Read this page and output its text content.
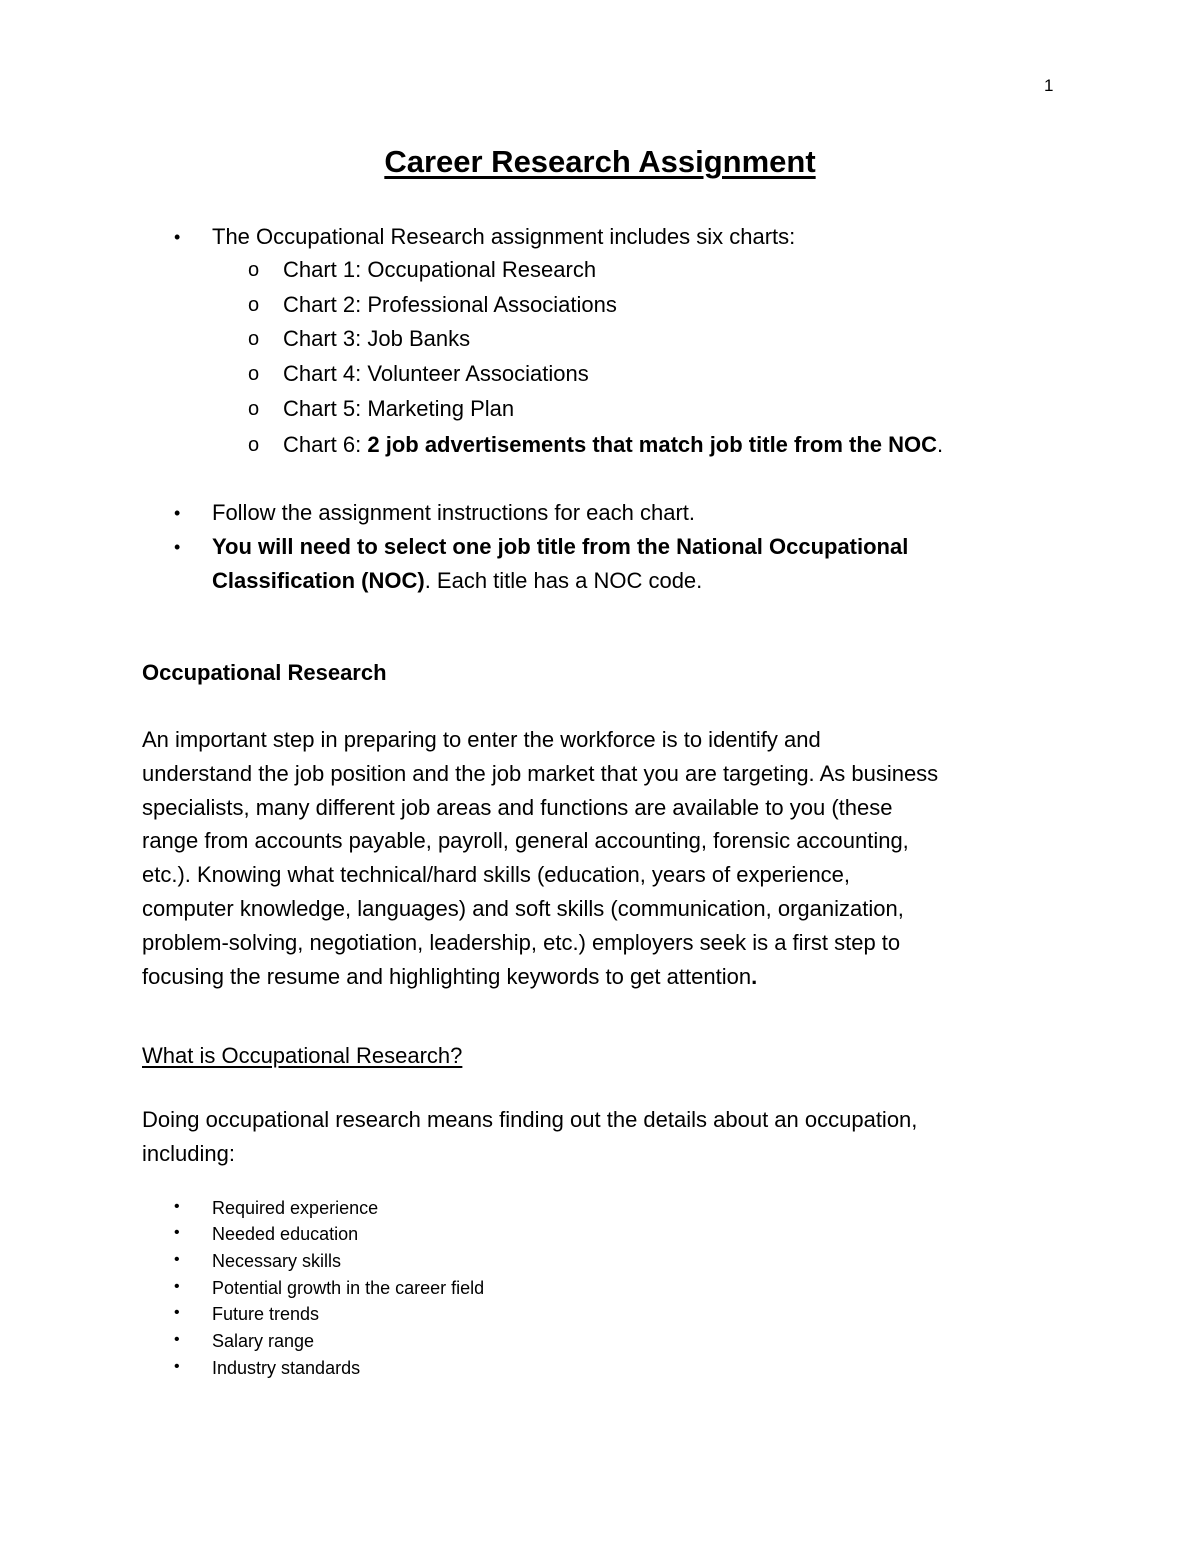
1
Career Research Assignment
• The Occupational Research assignment includes six charts:
o Chart 1: Occupational Research
o Chart 2: Professional Associations
o Chart 3: Job Banks
o Chart 4: Volunteer Associations
o Chart 5: Marketing Plan
o Chart 6: 2 job advertisements that match job title from the NOC.
• Follow the assignment instructions for each chart.
• You will need to select one job title from the National Occupational
Classification (NOC). Each title has a NOC code.
Occupational Research
An important step in preparing to enter the workforce is to identify and
understand the job position and the job market that you are targeting. As business
specialists, many different job areas and functions are available to you (these
range from accounts payable, payroll, general accounting, forensic accounting,
etc.). Knowing what technical/hard skills (education, years of experience,
computer knowledge, languages) and soft skills (communication, organization,
problem-solving, negotiation, leadership, etc.) employers seek is a first step to
focusing the resume and highlighting keywords to get attention.
What is Occupational Research?
Doing occupational research means finding out the details about an occupation,
including:
• Required experience
• Needed education
• Necessary skills
• Potential growth in the career field
• Future trends
• Salary range
• Industry standards
